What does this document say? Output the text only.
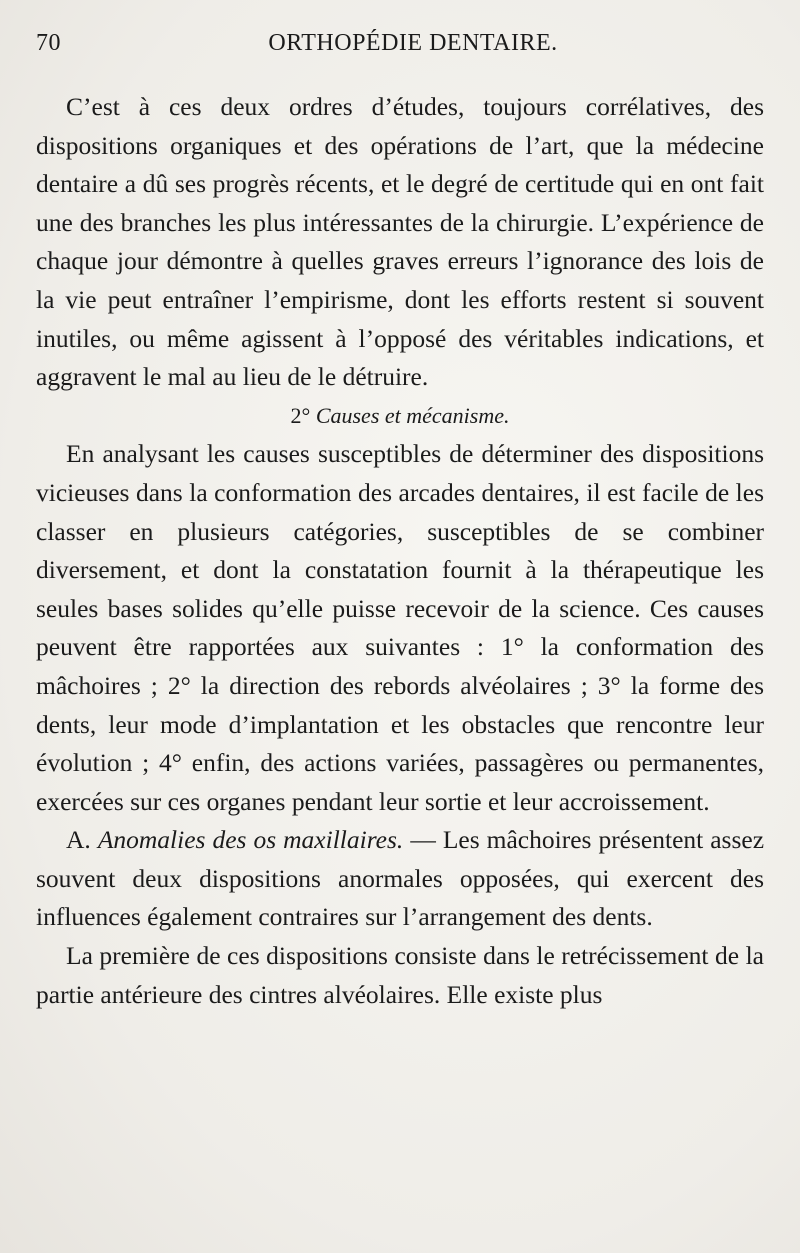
70	ORTHOPÉDIE DENTAIRE.

C’est à ces deux ordres d’études, toujours corrélatives, des dispositions organiques et des opérations de l’art, que la médecine dentaire a dû ses progrès récents, et le degré de certitude qui en ont fait une des branches les plus intéressantes de la chirurgie. L’expérience de chaque jour démontre à quelles graves erreurs l’ignorance des lois de la vie peut entraîner l’empirisme, dont les efforts restent si souvent inutiles, ou même agissent à l’opposé des véritables indications, et aggravent le mal au lieu de le détruire.

2° Causes et mécanisme.

En analysant les causes susceptibles de déterminer des dispositions vicieuses dans la conformation des arcades dentaires, il est facile de les classer en plusieurs catégories, susceptibles de se combiner diversement, et dont la constatation fournit à la thérapeutique les seules bases solides qu’elle puisse recevoir de la science. Ces causes peuvent être rapportées aux suivantes : 1° la conformation des mâchoires ; 2° la direction des rebords alvéolaires ; 3° la forme des dents, leur mode d’implantation et les obstacles que rencontre leur évolution ; 4° enfin, des actions variées, passagères ou permanentes, exercées sur ces organes pendant leur sortie et leur accroissement.

A. Anomalies des os maxillaires. — Les mâchoires présentent assez souvent deux dispositions anormales opposées, qui exercent des influences également contraires sur l’arrangement des dents.

La première de ces dispositions consiste dans le retrécissement de la partie antérieure des cintres alvéolaires. Elle existe plus
